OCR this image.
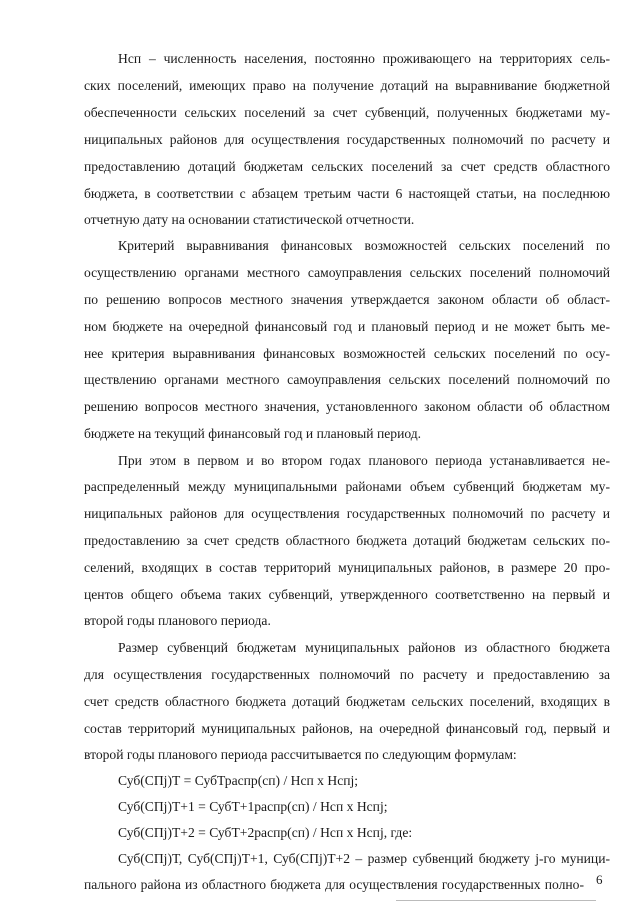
Нсп – численность населения, постоянно проживающего на территориях сель-
ских поселений, имеющих право на получение дотаций на выравнивание бюджетной
обеспеченности сельских поселений за счет субвенций, полученных бюджетами му-
ниципальных районов для осуществления государственных полномочий по расчету и
предоставлению дотаций бюджетам сельских поселений за счет средств областного
бюджета, в соответствии с абзацем третьим части 6 настоящей статьи, на последнюю
отчетную дату на основании статистической отчетности.
Критерий выравнивания финансовых возможностей сельских поселений по
осуществлению органами местного самоуправления сельских поселений полномочий
по решению вопросов местного значения утверждается законом области об област-
ном бюджете на очередной финансовый год и плановый период и не может быть ме-
нее критерия выравнивания финансовых возможностей сельских поселений по осу-
ществлению органами местного самоуправления сельских поселений полномочий по
решению вопросов местного значения, установленного законом области об областном
бюджете на текущий финансовый год и плановый период.
При этом в первом и во втором годах планового периода устанавливается не-
распределенный между муниципальными районами объем субвенций бюджетам му-
ниципальных районов для осуществления государственных полномочий по расчету и
предоставлению за счет средств областного бюджета дотаций бюджетам сельских по-
селений, входящих в состав территорий муниципальных районов, в размере 20 про-
центов общего объема таких субвенций, утвержденного соответственно на первый и
второй годы планового периода.
Размер субвенций бюджетам муниципальных районов из областного бюджета
для осуществления государственных полномочий по расчету и предоставлению за
счет средств областного бюджета дотаций бюджетам сельских поселений, входящих в
состав территорий муниципальных районов, на очередной финансовый год, первый и
второй годы планового периода рассчитывается по следующим формулам:
Суб(СПj)Т = СубТраспр(сп) / Нсп х Нспj;
Суб(СПj)Т+1 = СубТ+1распр(сп) / Нсп х Нспj;
Суб(СПj)Т+2 = СубТ+2распр(сп) / Нсп х Нспj, где:
Суб(СПj)Т, Суб(СПj)Т+1, Суб(СПj)Т+2 – размер субвенций бюджету j-го муници-
пального района из областного бюджета для осуществления государственных полно- 6
